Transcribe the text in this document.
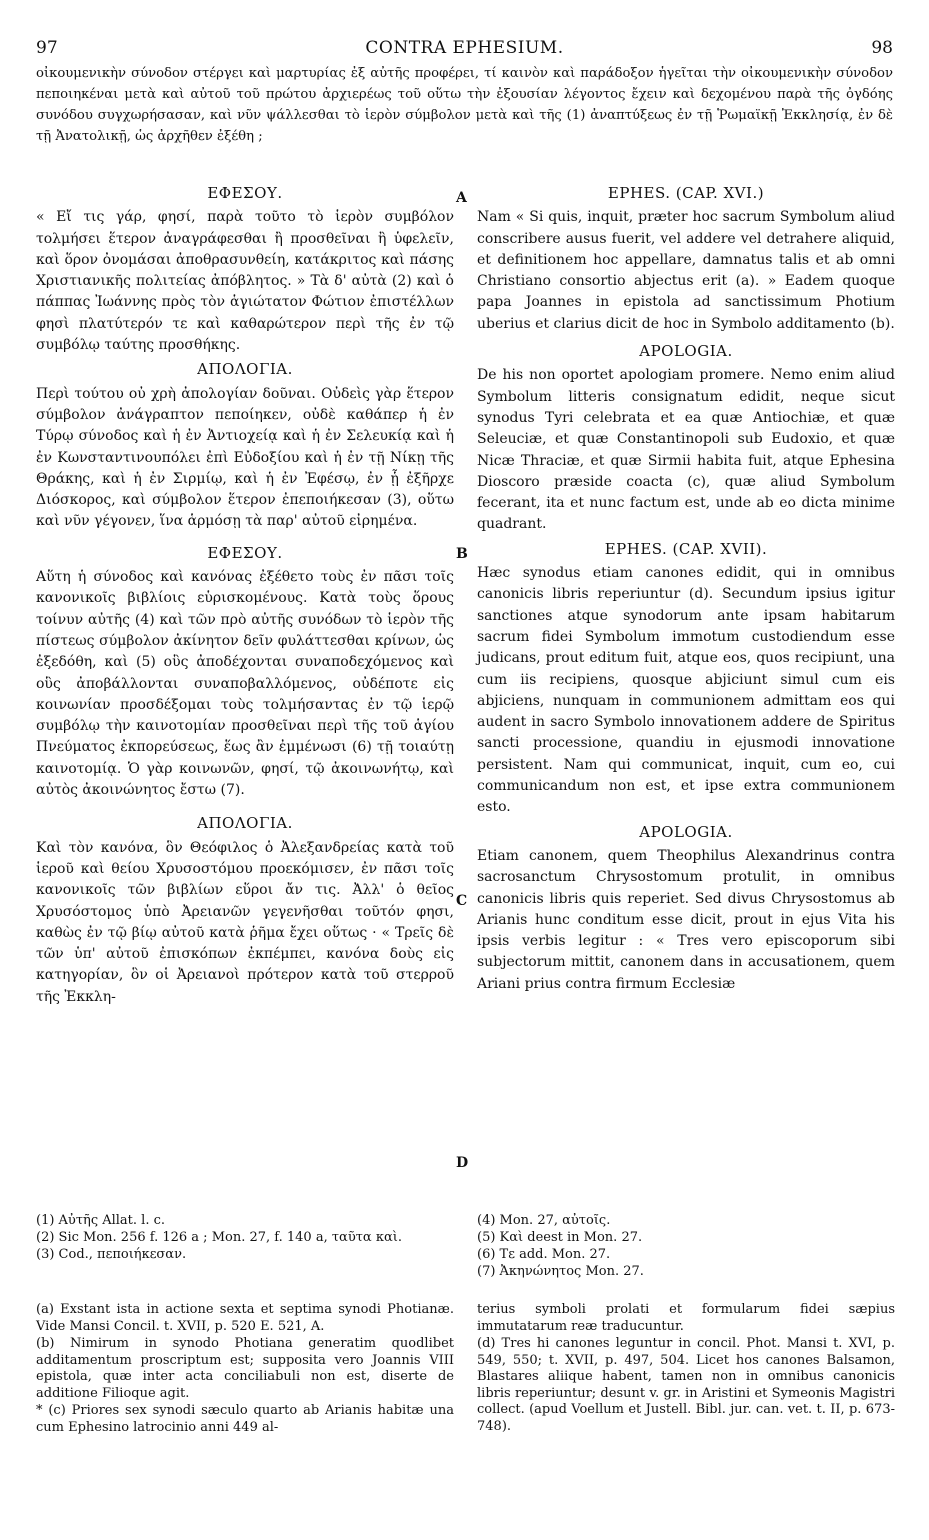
97	CONTRA EPHESIUM.	98
οἰκουμενικὴν σύνοδον στέργει καὶ μαρτυρίας ἐξ αὐτῆς προφέρει, τί καινὸν καὶ παράδοξον ἡγεῖται τὴν οἰκουμενικὴν σύνοδον πεποιηκέναι μετὰ καὶ αὐτοῦ τοῦ πρώτου ἀρχιερέως τοῦ οὕτω τὴν ἐξουσίαν λέγοντος ἔχειν καὶ δεχομένου παρὰ τῆς ὀγδόης συνόδου συγχωρήσασαν, καὶ νῦν ψάλλεσθαι τὸ ἱερὸν σύμβολον μετὰ καὶ τῆς (1) ἀναπτύξεως ἐν τῇ Ῥωμαϊκῇ Ἐκκλησίᾳ, ἐν δὲ τῇ Ἀνατολικῇ, ὡς ἀρχῆθεν ἐξέθη ;
ΕΦΕΣΟΥ.

« Εἴ τις γάρ, φησί, παρὰ τοῦτο τὸ ἱερὸν συμβόλον τολμήσει ἕτερον ἀναγράφεσθαι ἢ προσθεῖναι ἢ ὑφελεῖν, καὶ ὅρον ὀνομάσαι ἀποθρασυνθείη, κατάκριτος καὶ πάσης Χριστιανικῆς πολιτείας ἀπόβλητος. » Τὰ δ' αὐτὰ (2) καὶ ὁ πάππας Ἰωάννης πρὸς τὸν ἁγιώτατον Φώτιον ἐπιστέλλων φησὶ πλατύτερόν τε καὶ καθαρώτερον περὶ τῆς ἐν τῷ συμβόλῳ ταύτης προσθήκης.

ΑΠΟΛΟΓΙΑ.

Περὶ τούτου οὐ χρὴ ἀπολογίαν δοῦναι. Οὐδεὶς γὰρ ἕτερον σύμβολον ἀνάγραπτον πεποίηκεν, οὐδὲ καθάπερ ἡ ἐν Τύρῳ σύνοδος καὶ ἡ ἐν Ἀντιοχείᾳ καὶ ἡ ἐν Σελευκίᾳ καὶ ἡ ἐν Κωνσταντινουπόλει ἐπὶ Εὐδοξίου καὶ ἡ ἐν τῇ Νίκῃ τῆς Θράκης, καὶ ἡ ἐν Σιρμίῳ, καὶ ἡ ἐν Ἐφέσῳ, ἐν ᾗ ἐξῆρχε Διόσκορος, καὶ σύμβολον ἕτερον ἐπεποιήκεσαν (3), οὕτω καὶ νῦν γέγονεν, ἵνα ἁρμόσῃ τὰ παρ' αὐτοῦ εἰρημένα.

ΕΦΕΣΟΥ.

Αὕτη ἡ σύνοδος καὶ κανόνας ἐξέθετο τοὺς ἐν πᾶσι τοῖς κανονικοῖς βιβλίοις εὑρισκομένους. Κατὰ τοὺς ὅρους τοίνυν αὐτῆς (4) καὶ τῶν πρὸ αὐτῆς συνόδων τὸ ἱερὸν τῆς πίστεως σύμβολον ἀκίνητον δεῖν φυλάττεσθαι κρίνων, ὡς ἐξεδόθη, καὶ (5) οὓς ἀποδέχονται συναποδεχόμενος καὶ οὓς ἀποβάλλονται συναποβαλλόμενος, οὐδέποτε εἰς κοινωνίαν προσδέξομαι τοὺς τολμήσαντας ἐν τῷ ἱερῷ συμβόλῳ τὴν καινοτομίαν προσθεῖναι περὶ τῆς τοῦ ἁγίου Πνεύματος ἐκπορεύσεως, ἕως ἂν ἐμμένωσι (6) τῇ τοιαύτῃ καινοτομίᾳ. Ὁ γὰρ κοινωνῶν, φησί, τῷ ἀκοινωνήτῳ, καὶ αὐτὸς ἀκοινώνητος ἔστω (7).

ΑΠΟΛΟΓΙΑ.

Καὶ τὸν κανόνα, ὃν Θεόφιλος ὁ Ἀλεξανδρείας κατὰ τοῦ ἱεροῦ καὶ θείου Χρυσοστόμου προεκόμισεν, ἐν πᾶσι τοῖς κανονικοῖς τῶν βιβλίων εὕροι ἄν τις. Ἀλλ' ὁ θεῖος Χρυσόστομος ὑπὸ Ἀρειανῶν γεγενῆσθαι τοῦτόν φησι, καθὼς ἐν τῷ βίῳ αὐτοῦ κατὰ ῥῆμα ἔχει οὕτως · « Τρεῖς δὲ τῶν ὑπ' αὐτοῦ ἐπισκόπων ἐκπέμπει, κανόνα δοὺς εἰς κατηγορίαν, ὃν οἱ Ἀρειανοὶ πρότερον κατὰ τοῦ στερροῦ τῆς Ἐκκλη-

EPHES. (CAP. XVI.)

Nam « Si quis, inquit, præter hoc sacrum Symbolum aliud conscribere ausus fuerit, vel addere vel detrahere aliquid, et definitionem hoc appellare, damnatus talis et ab omni Christiano consortio abjectus erit (a). » Eadem quoque papa Joannes in epistola ad sanctissimum Photium uberius et clarius dicit de hoc in Symbolo additamento (b).

APOLOGIA.

De his non oportet apologiam promere. Nemo enim aliud Symbolum litteris consignatum edidit, neque sicut synodus Tyri celebrata et ea quæ Antiochiæ, et quæ Seleuciæ, et quæ Constantinopoli sub Eudoxio, et quæ Nicæ Thraciæ, et quæ Sirmii habita fuit, atque Ephesina Dioscoro præside coacta (c), quæ aliud Symbolum fecerant, ita et nunc factum est, unde ab eo dicta minime quadrant.

EPHES. (CAP. XVII).

Hæc synodus etiam canones edidit, qui in omnibus canonicis libris reperiuntur (d). Secundum ipsius igitur sanctiones atque synodorum ante ipsam habitarum sacrum fidei Symbolum immotum custodiendum esse judicans, prout editum fuit, atque eos, quos recipiunt, una cum iis recipiens, quosque abjiciunt simul cum eis abjiciens, nunquam in communionem admittam eos qui audent in sacro Symbolo innovationem addere de Spiritus sancti processione, quandiu in ejusmodi innovatione persistent. Nam qui communicat, inquit, cum eo, cui communicandum non est, et ipse extra communionem esto.

APOLOGIA.

Etiam canonem, quem Theophilus Alexandrinus contra sacrosanctum Chrysostomum protulit, in omnibus canonicis libris quis reperiet. Sed divus Chrysostomus ab Arianis hunc conditum esse dicit, prout in ejus Vita his ipsis verbis legitur : « Tres vero episcoporum sibi subjectorum mittit, canonem dans in accusationem, quem Ariani prius contra firmum Ecclesiæ

A
B
C
D
(1) Αὐτῆς Allat. l. c.
(2) Sic Mon. 256 f. 126 a ; Mon. 27, f. 140 a, ταῦτα καὶ.
(3) Cod., πεποιήκεσαν.
(4) Mon. 27, αὐτοῖς.
(5) Καὶ deest in Mon. 27.
(6) Τε add. Mon. 27.
(7) Ἀκηνώνητος Mon. 27.

(a) Exstant ista in actione sexta et septima synodi Photianæ. Vide Mansi Concil. t. XVII, p. 520 E. 521, A.

(b) Nimirum in synodo Photiana generatim quodlibet additamentum proscriptum est; supposita vero Joannis VIII epistola, quæ inter acta conciliabuli non est, diserte de additione Filioque agit.

* (c) Priores sex synodi sæculo quarto ab Arianis habitæ una cum Ephesino latrocinio anni 449 al-

terius symboli prolati et formularum fidei sæpius immutatarum reæ traducuntur.

(d) Tres hi canones leguntur in concil. Phot. Mansi t. XVI, p. 549, 550; t. XVII, p. 497, 504. Licet hos canones Balsamon, Blastares aliique habent, tamen non in omnibus canonicis libris reperiuntur; desunt v. gr. in Aristini et Symeonis Magistri collect. (apud Voellum et Justell. Bibl. jur. can. vet. t. II, p. 673-748).
